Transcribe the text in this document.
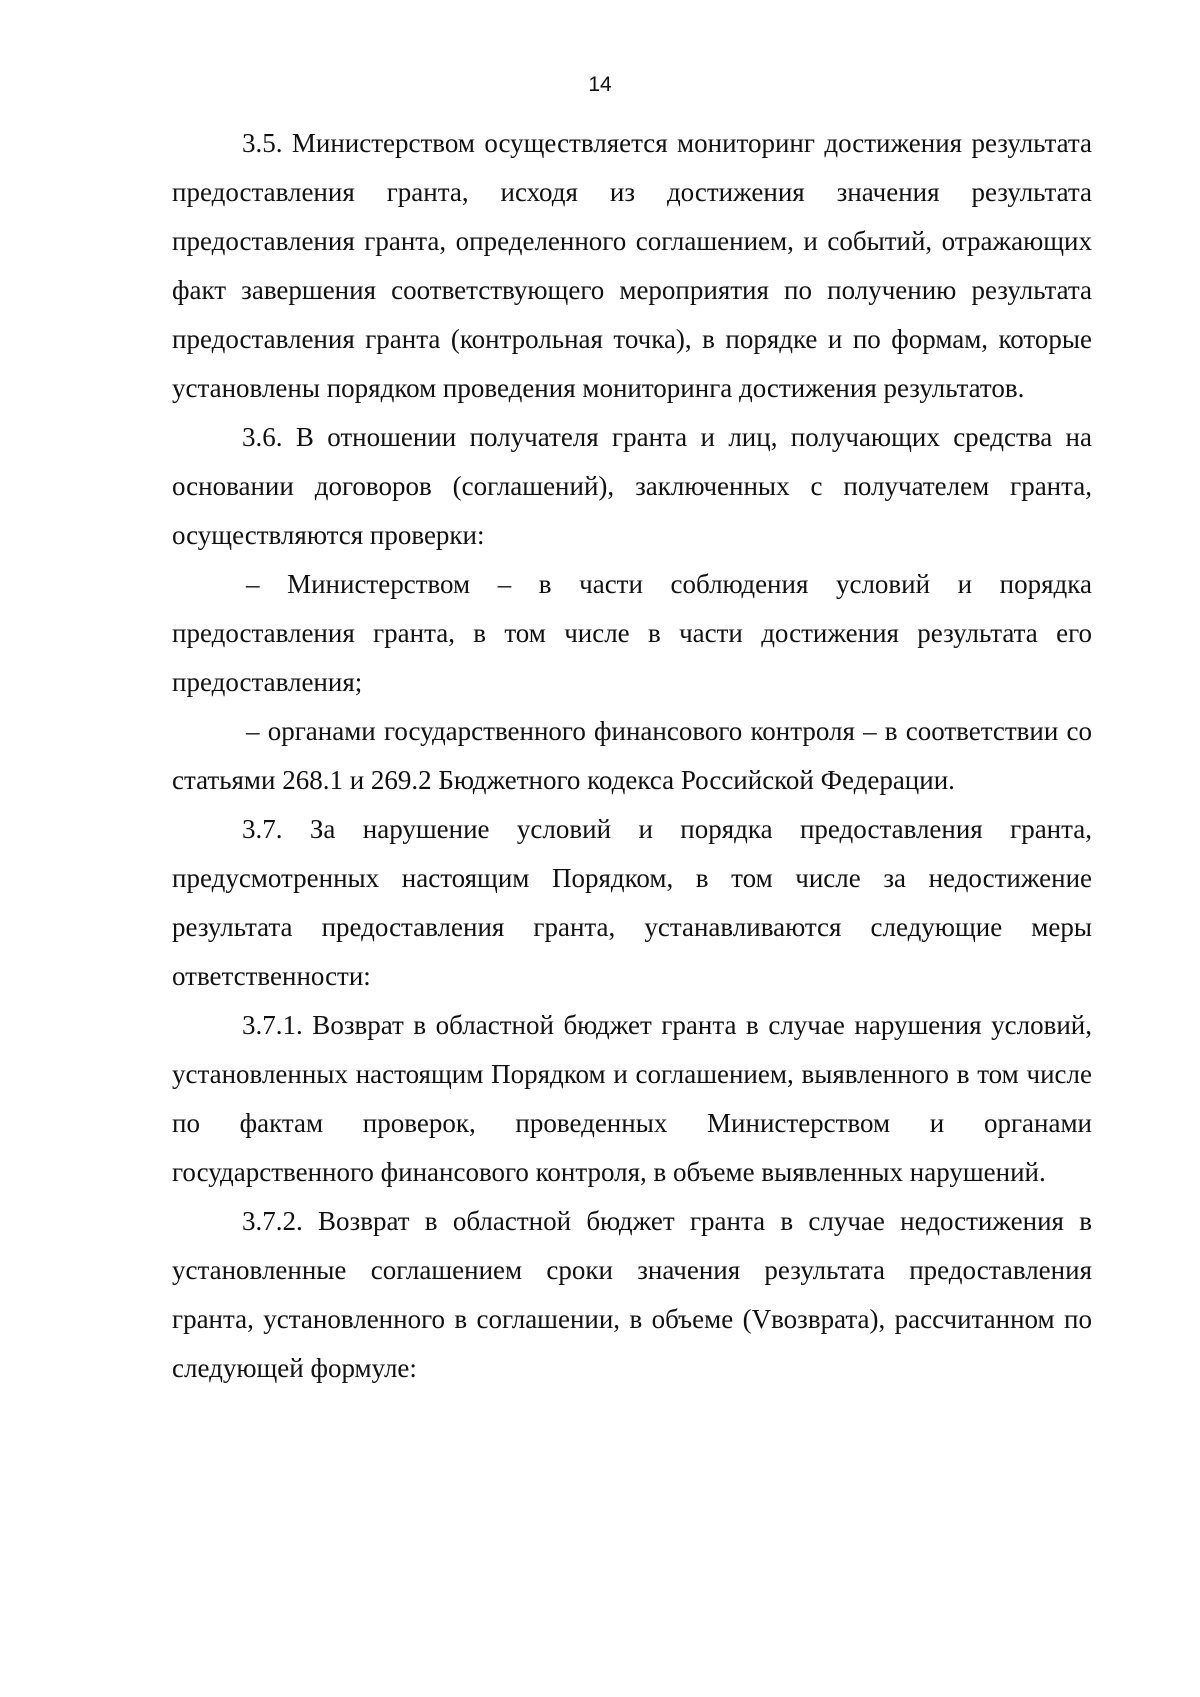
14

3.5. Министерством осуществляется мониторинг достижения результата предоставления гранта, исходя из достижения значения результата предоставления гранта, определенного соглашением, и событий, отражающих факт завершения соответствующего мероприятия по получению результата предоставления гранта (контрольная точка), в порядке и по формам, которые установлены порядком проведения мониторинга достижения результатов.

3.6. В отношении получателя гранта и лиц, получающих средства на основании договоров (соглашений), заключенных с получателем гранта, осуществляются проверки:

– Министерством – в части соблюдения условий и порядка предоставления гранта, в том числе в части достижения результата его предоставления;

– органами государственного финансового контроля – в соответствии со статьями 268.1 и 269.2 Бюджетного кодекса Российской Федерации.

3.7. За нарушение условий и порядка предоставления гранта, предусмотренных настоящим Порядком, в том числе за недостижение результата предоставления гранта, устанавливаются следующие меры ответственности:

3.7.1. Возврат в областной бюджет гранта в случае нарушения условий, установленных настоящим Порядком и соглашением, выявленного в том числе по фактам проверок, проведенных Министерством и органами государственного финансового контроля, в объеме выявленных нарушений.

3.7.2. Возврат в областной бюджет гранта в случае недостижения в установленные соглашением сроки значения результата предоставления гранта, установленного в соглашении, в объеме (Vвозврата), рассчитанном по следующей формуле:
